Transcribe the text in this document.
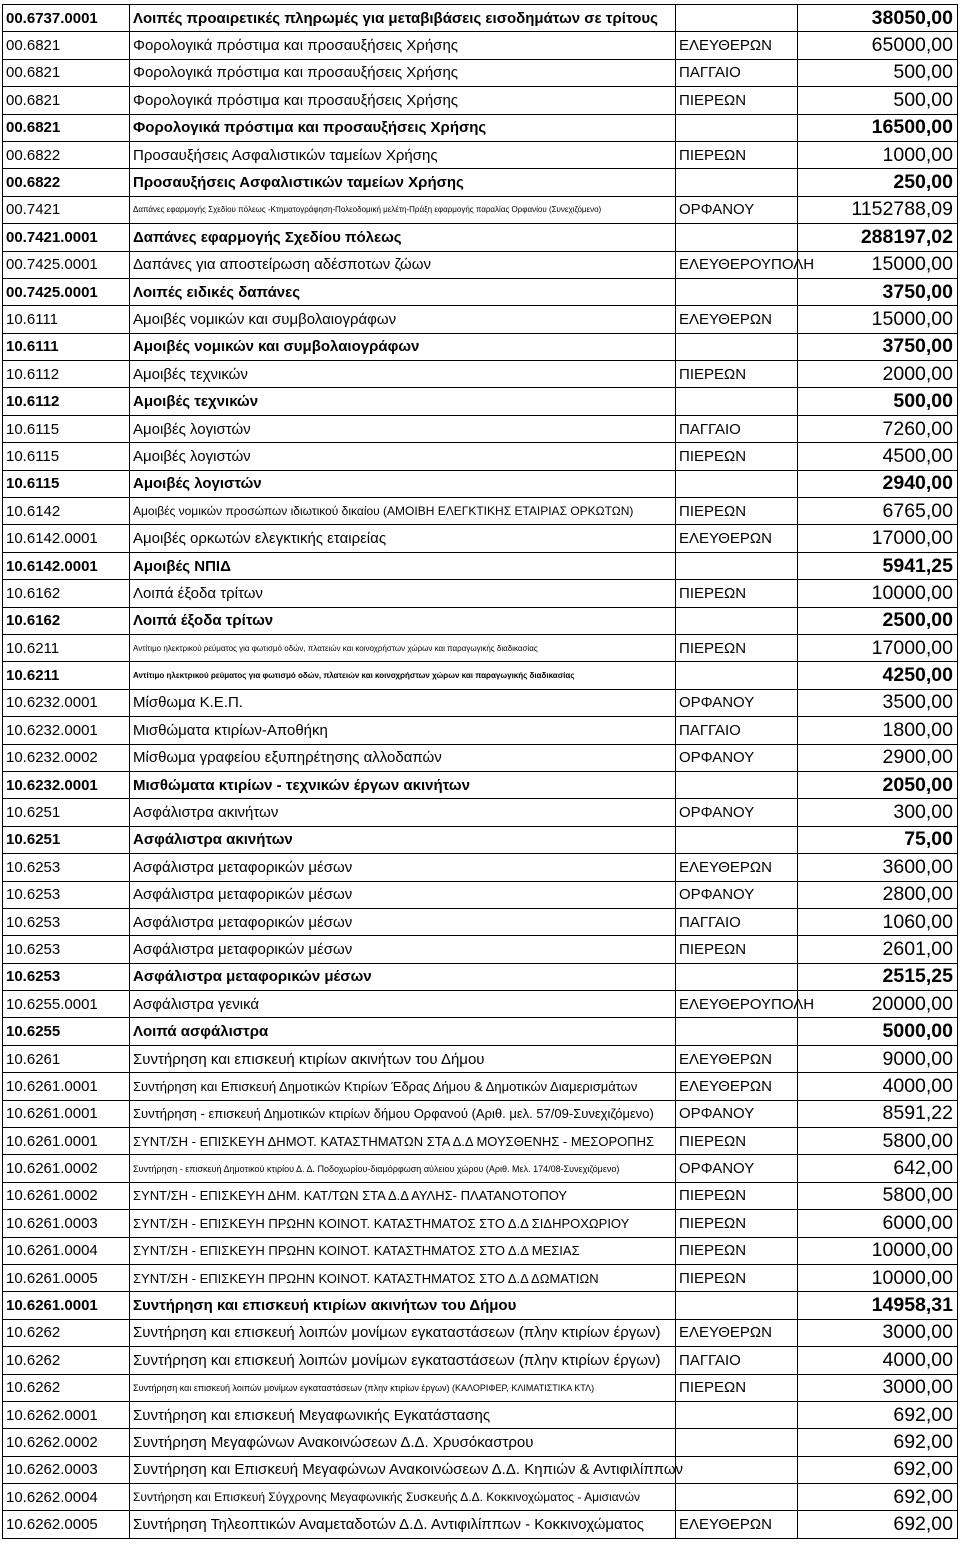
00.6737.0001	Λοιπές προαιρετικές πληρωμές για μεταβιβάσεις εισοδημάτων σε τρίτους		38050,00
00.6821	Φορολογικά πρόστιμα και προσαυξήσεις Χρήσης	ΕΛΕΥΘΕΡΩΝ	65000,00
00.6821	Φορολογικά πρόστιμα και προσαυξήσεις Χρήσης	ΠΑΓΓΑΙΟ	500,00
00.6821	Φορολογικά πρόστιμα και προσαυξήσεις Χρήσης	ΠΙΕΡΕΩΝ	500,00
00.6821	Φορολογικά πρόστιμα και προσαυξήσεις Χρήσης		16500,00
00.6822	Προσαυξήσεις Ασφαλιστικών ταμείων Χρήσης	ΠΙΕΡΕΩΝ	1000,00
00.6822	Προσαυξήσεις Ασφαλιστικών ταμείων Χρήσης		250,00
00.7421	Δαπάνες εφαρμογής Σχεδίου πόλεως -Κτηματογράφηση-Πολεοδομική μελέτη-Πράξη εφαρμογής παραλίας Ορφανίου (Συνεχιζόμενο)	ΟΡΦΑΝΟΥ	1152788,09
00.7421.0001	Δαπάνες εφαρμογής Σχεδίου πόλεως		288197,02
00.7425.0001	Δαπάνες για αποστείρωση αδέσποτων ζώων	ΕΛΕΥΘΕΡΟΥΠΟΛΗ	15000,00
00.7425.0001	Λοιπές ειδικές δαπάνες		3750,00
10.6111	Αμοιβές νομικών και συμβολαιογράφων	ΕΛΕΥΘΕΡΩΝ	15000,00
10.6111	Αμοιβές νομικών και συμβολαιογράφων		3750,00
10.6112	Αμοιβές τεχνικών	ΠΙΕΡΕΩΝ	2000,00
10.6112	Αμοιβές τεχνικών		500,00
10.6115	Αμοιβές λογιστών	ΠΑΓΓΑΙΟ	7260,00
10.6115	Αμοιβές λογιστών	ΠΙΕΡΕΩΝ	4500,00
10.6115	Αμοιβές λογιστών		2940,00
10.6142	Αμοιβές νομικών προσώπων ιδιωτικού δικαίου (ΑΜΟΙΒΗ ΕΛΕΓΚΤΙΚΗΣ ΕΤΑΙΡΙΑΣ ΟΡΚΩΤΩΝ)	ΠΙΕΡΕΩΝ	6765,00
10.6142.0001	Αμοιβές ορκωτών ελεγκτικής εταιρείας	ΕΛΕΥΘΕΡΩΝ	17000,00
10.6142.0001	Αμοιβές ΝΠΙΔ		5941,25
10.6162	Λοιπά έξοδα τρίτων	ΠΙΕΡΕΩΝ	10000,00
10.6162	Λοιπά έξοδα τρίτων		2500,00
10.6211	Αντίτιμο ηλεκτρικού ρεύματος για φωτισμό οδών, πλατειών και κοινοχρήστων χώρων και παραγωγικής διαδικασίας	ΠΙΕΡΕΩΝ	17000,00
10.6211	Αντίτιμο ηλεκτρικού ρεύματος για φωτισμό οδών, πλατειών και κοινοχρήστων χώρων και παραγωγικής διαδικασίας		4250,00
10.6232.0001	Μίσθωμα Κ.Ε.Π.	ΟΡΦΑΝΟΥ	3500,00
10.6232.0001	Μισθώματα κτιρίων-Αποθήκη	ΠΑΓΓΑΙΟ	1800,00
10.6232.0002	Μίσθωμα γραφείου εξυπηρέτησης αλλοδαπών	ΟΡΦΑΝΟΥ	2900,00
10.6232.0001	Μισθώματα κτιρίων - τεχνικών έργων ακινήτων		2050,00
10.6251	Ασφάλιστρα ακινήτων	ΟΡΦΑΝΟΥ	300,00
10.6251	Ασφάλιστρα ακινήτων		75,00
10.6253	Ασφάλιστρα μεταφορικών μέσων	ΕΛΕΥΘΕΡΩΝ	3600,00
10.6253	Ασφάλιστρα μεταφορικών μέσων	ΟΡΦΑΝΟΥ	2800,00
10.6253	Ασφάλιστρα μεταφορικών μέσων	ΠΑΓΓΑΙΟ	1060,00
10.6253	Ασφάλιστρα μεταφορικών μέσων	ΠΙΕΡΕΩΝ	2601,00
10.6253	Ασφάλιστρα μεταφορικών μέσων		2515,25
10.6255.0001	Ασφάλιστρα γενικά	ΕΛΕΥΘΕΡΟΥΠΟΛΗ	20000,00
10.6255	Λοιπά ασφάλιστρα		5000,00
10.6261	Συντήρηση και επισκευή κτιρίων ακινήτων του Δήμου	ΕΛΕΥΘΕΡΩΝ	9000,00
10.6261.0001	Συντήρηση και Επισκευή Δημοτικών Κτιρίων Έδρας Δήμου & Δημοτικών Διαμερισμάτων	ΕΛΕΥΘΕΡΩΝ	4000,00
10.6261.0001	Συντήρηση - επισκευή Δημοτικών κτιρίων δήμου Ορφανού (Αριθ. μελ. 57/09-Συνεχιζόμενο)	ΟΡΦΑΝΟΥ	8591,22
10.6261.0001	ΣΥΝΤ/ΣΗ - ΕΠΙΣΚΕΥΗ ΔΗΜΟΤ. ΚΑΤΑΣΤΗΜΑΤΩΝ ΣΤΑ Δ.Δ ΜΟΥΣΘΕΝΗΣ - ΜΕΣΟΡΟΠΗΣ	ΠΙΕΡΕΩΝ	5800,00
10.6261.0002	Συντήρηση - επισκευή Δημοτικού κτιρίου Δ. Δ. Ποδοχωρίου-διαμόρφωση αύλειου χώρου (Αριθ. Μελ. 174/08-Συνεχιζόμενο)	ΟΡΦΑΝΟΥ	642,00
10.6261.0002	ΣΥΝΤ/ΣΗ - ΕΠΙΣΚΕΥΗ ΔΗΜ. ΚΑΤ/ΤΩΝ ΣΤΑ Δ.Δ ΑΥΛΗΣ- ΠΛΑΤΑΝΟΤΟΠΟΥ	ΠΙΕΡΕΩΝ	5800,00
10.6261.0003	ΣΥΝΤ/ΣΗ - ΕΠΙΣΚΕΥΗ ΠΡΩΗΝ ΚΟΙΝΟΤ. ΚΑΤΑΣΤΗΜΑΤΟΣ ΣΤΟ Δ.Δ ΣΙΔΗΡΟΧΩΡΙΟΥ	ΠΙΕΡΕΩΝ	6000,00
10.6261.0004	ΣΥΝΤ/ΣΗ - ΕΠΙΣΚΕΥΗ ΠΡΩΗΝ ΚΟΙΝΟΤ. ΚΑΤΑΣΤΗΜΑΤΟΣ ΣΤΟ Δ.Δ ΜΕΣΙΑΣ	ΠΙΕΡΕΩΝ	10000,00
10.6261.0005	ΣΥΝΤ/ΣΗ - ΕΠΙΣΚΕΥΗ ΠΡΩΗΝ ΚΟΙΝΟΤ. ΚΑΤΑΣΤΗΜΑΤΟΣ ΣΤΟ Δ.Δ ΔΩΜΑΤΙΩΝ	ΠΙΕΡΕΩΝ	10000,00
10.6261.0001	Συντήρηση και επισκευή κτιρίων ακινήτων του Δήμου		14958,31
10.6262	Συντήρηση και επισκευή λοιπών μονίμων εγκαταστάσεων (πλην κτιρίων έργων)	ΕΛΕΥΘΕΡΩΝ	3000,00
10.6262	Συντήρηση και επισκευή λοιπών μονίμων εγκαταστάσεων (πλην κτιρίων έργων)	ΠΑΓΓΑΙΟ	4000,00
10.6262	Συντήρηση και επισκευή λοιπών μονίμων εγκαταστάσεων (πλην κτιρίων έργων) (ΚΑΛΟΡΙΦΕΡ, ΚΛΙΜΑΤΙΣΤΙΚΑ ΚΤΛ)	ΠΙΕΡΕΩΝ	3000,00
10.6262.0001	Συντήρηση και επισκευή Μεγαφωνικής Εγκατάστασης		692,00
10.6262.0002	Συντήρηση Μεγαφώνων Ανακοινώσεων Δ.Δ. Χρυσόκαστρου		692,00
10.6262.0003	Συντήρηση και Επισκευή Μεγαφώνων Ανακοινώσεων Δ.Δ. Κηπιών & Αντιφιλίππων		692,00
10.6262.0004	Συντήρηση και Επισκευή Σύγχρονης Μεγαφωνικής Συσκευής Δ.Δ. Κοκκινοχώματος - Αμισιανών		692,00
10.6262.0005	Συντήρηση Τηλεοπτικών Αναμεταδοτών Δ.Δ. Αντιφιλίππων - Κοκκινοχώματος	ΕΛΕΥΘΕΡΩΝ	692,00
